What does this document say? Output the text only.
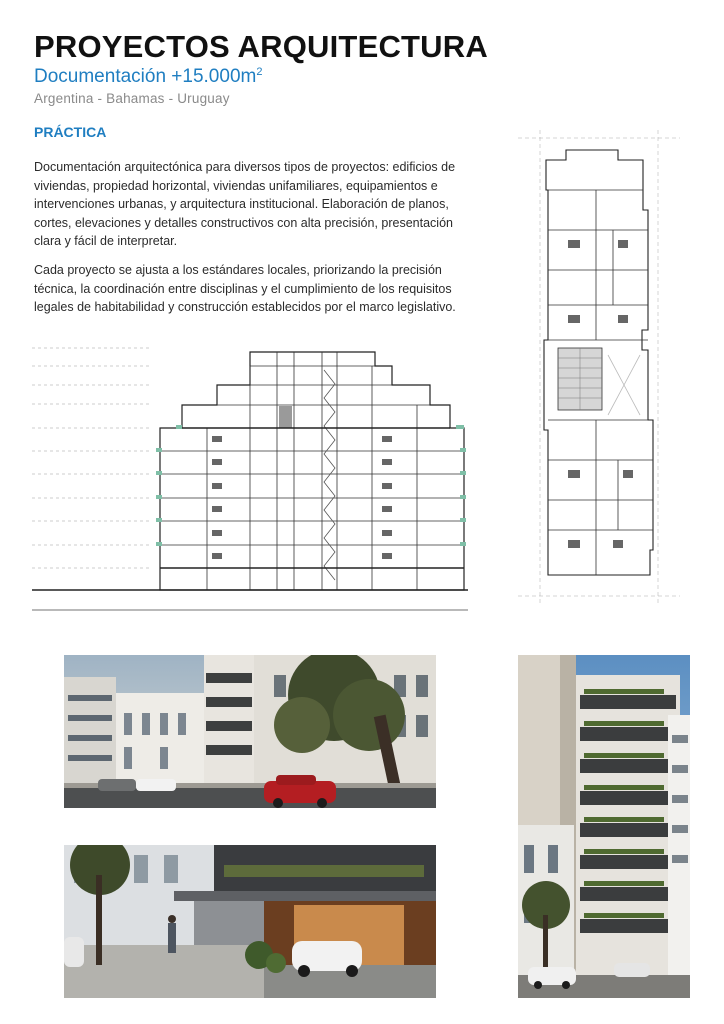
PROYECTOS ARQUITECTURA
Documentación $+15.000m^2$
Argentina - Bahamas - Uruguay
PRÁCTICA

Documentación arquitectónica para diversos tipos de proyectos: edificios de viviendas, propiedad horizontal, viviendas unifamiliares, equipamientos e intervenciones urbanas, y arquitectura institucional. Elaboración de planos, cortes, elevaciones y detalles constructivos con alta precisión, presentación clara y fácil de interpretar.

Cada proyecto se ajusta a los estándares locales, priorizando la precisión técnica, la coordinación entre disciplinas y el cumplimiento de los requisitos legales de habitabilidad y construcción establecidos por el marco legislativo.
